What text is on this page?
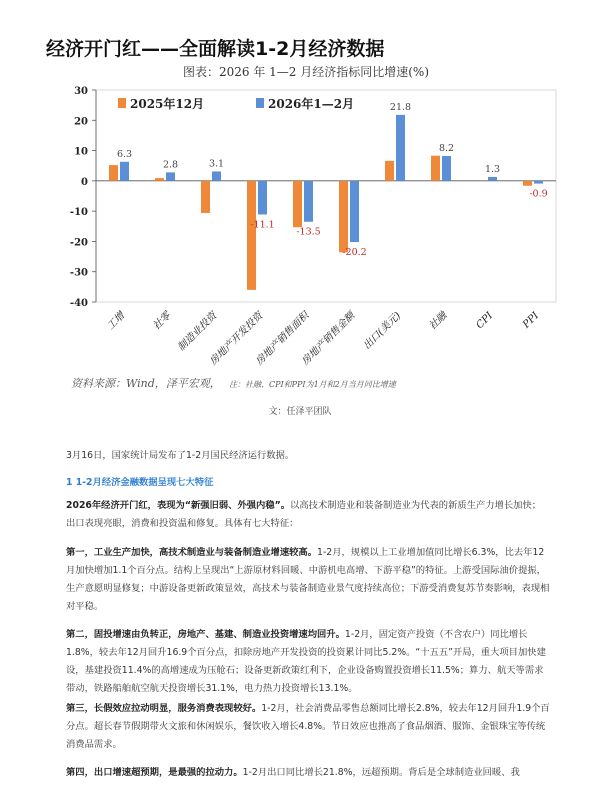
经济开门红——全面解读1-2月经济数据
图表：2026 年 1—2 月经济指标同比增速(%)
30
20
10
0
-10
-20
-30
-40
工增 社零 制造业投资
房地产开发投资
房地产销售面积
房地产销售金额 出口(美元) 社融	CPI	PPI
6.3
2.8	3.1
-11.1
-13.5
-20.2
21.8
8.2
1.3
-0.9
2025年12月	2026年1—2月
资料来源：Wind，泽平宏观， 注：社融、CPI和PPI为1月和2月当月同比增速
文：任泽平团队

3月16日，国家统计局发布了1-2月国民经济运行数据。

1 1-2月经济金融数据呈现七大特征

2026年经济开门红，表现为“新强旧弱、外强内稳”。以高技术制造业和装备制造业为代表的新质生产力增长加快；出口表现亮眼，消费和投资温和修复。具体有七大特征：

第一，工业生产加快，高技术制造业与装备制造业增速较高。1-2月，规模以上工业增加值同比增长6.3%，比去年12月加快增加1.1个百分点。结构上呈现出“上游原材料回暖、中游机电高增、下游平稳”的特征。上游受国际油价提振，生产意愿明显修复；中游设备更新政策显效，高技术与装备制造业景气度持续高位；下游受消费复苏节奏影响，表现相对平稳。

第二，固投增速由负转正，房地产、基建、制造业投资增速均回升。1-2月，固定资产投资（不含农户）同比增长1.8%，较去年12月回升16.9个百分点，扣除房地产开发投资的投资累计同比5.2%。“十五五”开局，重大项目加快建设，基建投资11.4%的高增速成为压舱石；设备更新政策红利下，企业设备购置投资增长11.5%；算力、航天等需求带动，铁路船舶航空航天投资增长31.1%，电力热力投资增长13.1%。

第三，长假效应拉动明显，服务消费表现较好。1-2月，社会消费品零售总额同比增长2.8%，较去年12月回升1.9个百分点。超长春节假期带火文旅和休闲娱乐，餐饮收入增长4.8%。节日效应也推高了食品烟酒、服饰、金银珠宝等传统消费品需求。

第四，出口增速超预期，是最强的拉动力。1-2月出口同比增长21.8%，远超预期。背后是全球制造业回暖、我
